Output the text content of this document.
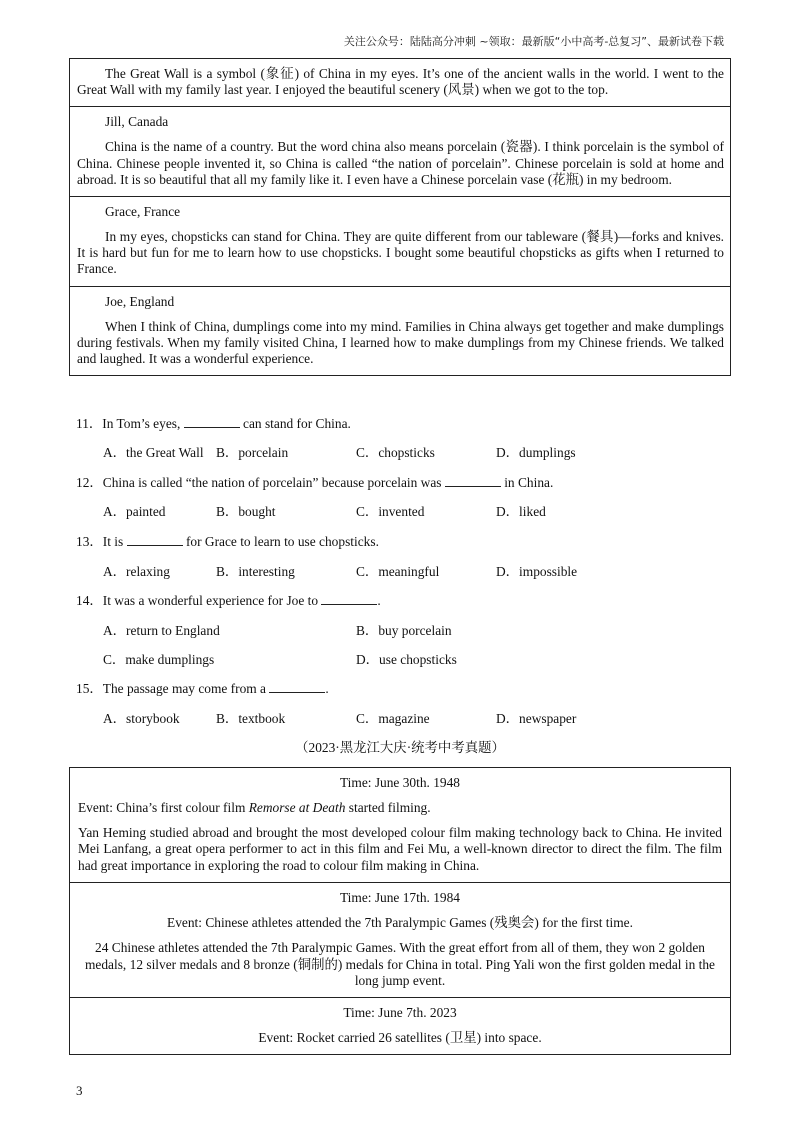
关注公众号：陆陆高分冲刺 ~领取：最新版“小中高考-总复习”、最新试卷下载

The Great Wall is a symbol (象征) of China in my eyes. It’s one of the ancient walls in the world. I went to the Great Wall with my family last year. I enjoyed the beautiful scenery (风景) when we got to the top.

Jill, Canada

China is the name of a country. But the word china also means porcelain (瓷器). I think porcelain is the symbol of China. Chinese people invented it, so China is called “the nation of porcelain”. Chinese porcelain is sold at home and abroad. It is so beautiful that all my family like it. I even have a Chinese porcelain vase (花瓶) in my bedroom.

Grace, France

In my eyes, chopsticks can stand for China. They are quite different from our tableware (餐具)—forks and knives. It is hard but fun for me to learn how to use chopsticks. I bought some beautiful chopsticks as gifts when I returned to France.

Joe, England

When I think of China, dumplings come into my mind. Families in China always get together and make dumplings during festivals. When my family visited China, I learned how to make dumplings from my Chinese friends. We talked and laughed. It was a wonderful experience.

11．In Tom’s eyes,	can stand for China.
A．the Great Wall B．porcelain	C．chopsticks	D．dumplings
12．China is called “the nation of porcelain” because porcelain was	in China.
A．painted	B．bought	C．invented	D．liked
13．It is	for Grace to learn to use chopsticks.
A．relaxing	B．interesting	C．meaningful	D．impossible
14．It was a wonderful experience for Joe to	.
A．return to England	B．buy porcelain
C．make dumplings	D．use chopsticks
15．The passage may come from a	.
A．storybook	B．textbook	C．magazine	D．newspaper
（2023·黑龙江大庆·统考中考真题）

Time: June 30th. 1948

Event: China’s first colour film Remorse at Death started filming.

Yan Heming studied abroad and brought the most developed colour film making technology back to China. He invited Mei Lanfang, a great opera performer to act in this film and Fei Mu, a well-known director to direct the film. The film had great importance in exploring the road to colour film making in China.

Time: June 17th. 1984

Event: Chinese athletes attended the 7th Paralympic Games (残奥会) for the first time.

24 Chinese athletes attended the 7th Paralympic Games. With the great effort from all of them, they won 2 golden medals, 12 silver medals and 8 bronze (铜制的) medals for China in total. Ping Yali won the first golden medal in the long jump event.

Time: June 7th. 2023

Event: Rocket carried 26 satellites (卫星) into space.

3
